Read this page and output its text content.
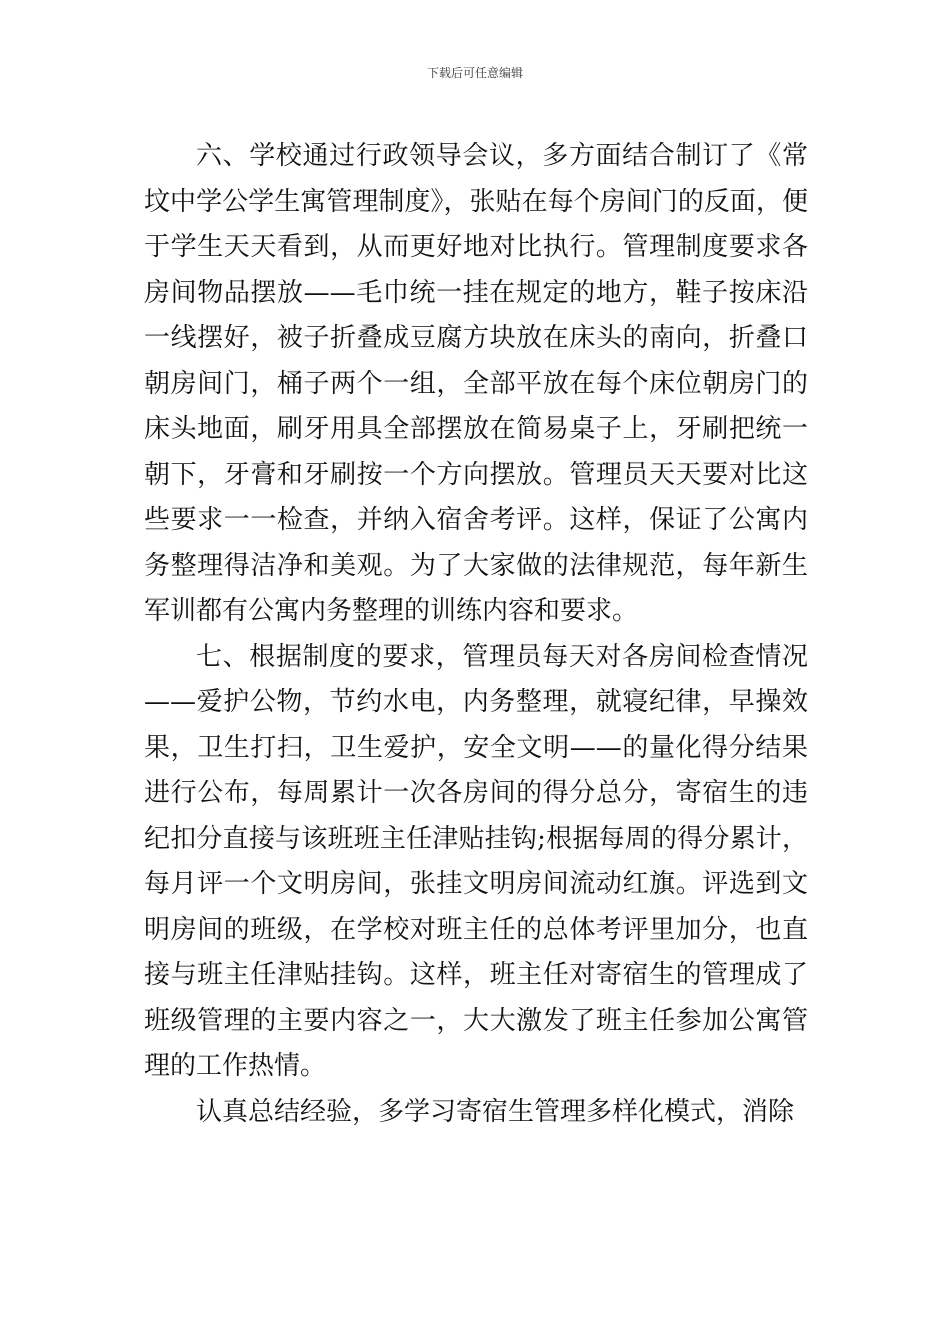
下载后可任意编辑

六、学校通过行政领导会议，多方面结合制订了《常坟中学公学生寓管理制度》，张贴在每个房间门的反面，便于学生天天看到，从而更好地对比执行。管理制度要求各房间物品摆放——毛巾统一挂在规定的地方，鞋子按床沿一线摆好，被子折叠成豆腐方块放在床头的南向，折叠口朝房间门，桶子两个一组，全部平放在每个床位朝房门的床头地面，刷牙用具全部摆放在简易桌子上，牙刷把统一朝下，牙膏和牙刷按一个方向摆放。管理员天天要对比这些要求一一检查，并纳入宿舍考评。这样，保证了公寓内务整理得洁净和美观。为了大家做的法律规范，每年新生军训都有公寓内务整理的训练内容和要求。

七、根据制度的要求，管理员每天对各房间检查情况——爱护公物，节约水电，内务整理，就寝纪律，早操效果，卫生打扫，卫生爱护，安全文明——的量化得分结果进行公布，每周累计一次各房间的得分总分，寄宿生的违纪扣分直接与该班班主任津贴挂钩;根据每周的得分累计，每月评一个文明房间，张挂文明房间流动红旗。评选到文明房间的班级，在学校对班主任的总体考评里加分，也直接与班主任津贴挂钩。这样，班主任对寄宿生的管理成了班级管理的主要内容之一，大大激发了班主任参加公寓管理的工作热情。

认真总结经验，多学习寄宿生管理多样化模式，消除
